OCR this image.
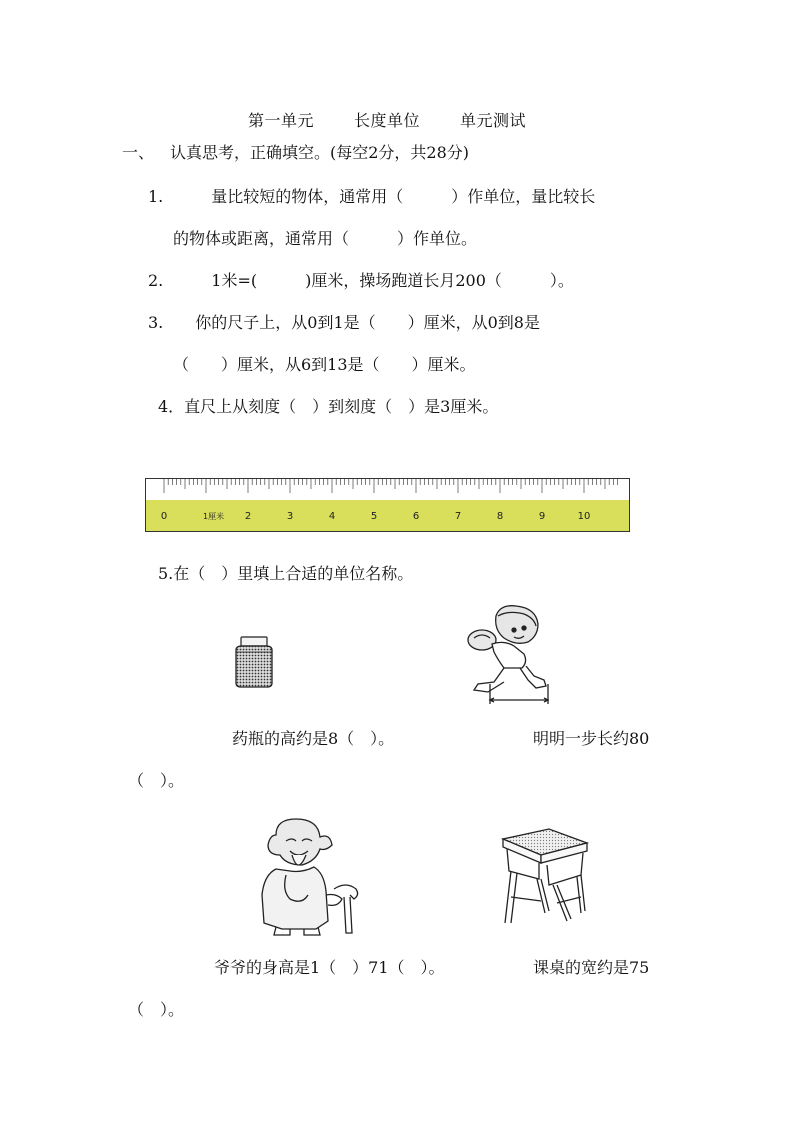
第一单元	长度单位	单元测试
一、 认真思考，正确填空。(每空2分，共28分)
1.　　　量比较短的物体，通常用（　　　）作单位，量比较长
的物体或距离，通常用（　　　）作单位。
2.　　　1米=(　　　)厘米，操场跑道长月200（　　　）。
3.　　你的尺子上，从0到1是（　　）厘米，从0到8是
（　　）厘米，从6到13是（　　）厘米。
4．直尺上从刻度（　）到刻度（　）是3厘米。
0	1厘米 2	3	4	5	6	7	8	9	10
5.在（　）里填上合适的单位名称。
药瓶的高约是8（　）。	明明一步长约80
（　）。
爷爷的身高是1（　）71（　）。	课桌的宽约是75
（　）。
